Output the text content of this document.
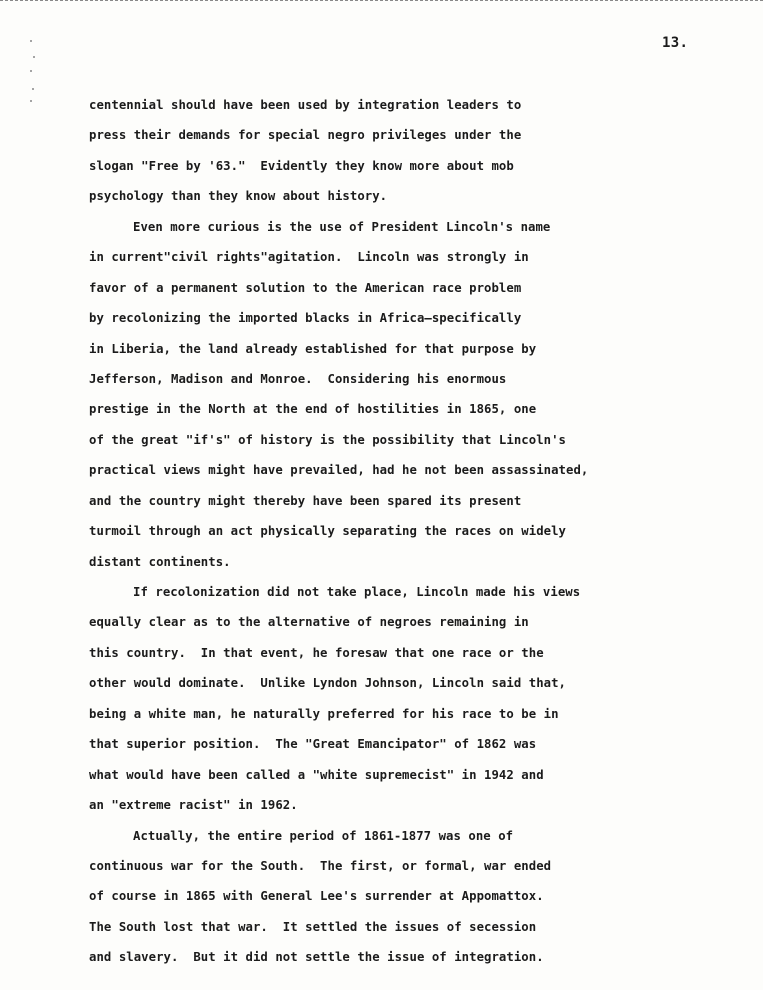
13.
centennial should have been used by integration leaders to
press their demands for special negro privileges under the
slogan "Free by '63."  Evidently they know more about mob
psychology than they know about history.
Even more curious is the use of President Lincoln's name
in current"civil rights"agitation.  Lincoln was strongly in
favor of a permanent solution to the American race problem
by recolonizing the imported blacks in Africa—specifically
in Liberia, the land already established for that purpose by
Jefferson, Madison and Monroe.  Considering his enormous
prestige in the North at the end of hostilities in 1865, one
of the great "if's" of history is the possibility that Lincoln's
practical views might have prevailed, had he not been assassinated,
and the country might thereby have been spared its present
turmoil through an act physically separating the races on widely
distant continents.
If recolonization did not take place, Lincoln made his views
equally clear as to the alternative of negroes remaining in
this country.  In that event, he foresaw that one race or the
other would dominate.  Unlike Lyndon Johnson, Lincoln said that,
being a white man, he naturally preferred for his race to be in
that superior position.  The "Great Emancipator" of 1862 was
what would have been called a "white supremecist" in 1942 and
an "extreme racist" in 1962.
Actually, the entire period of 1861-1877 was one of
continuous war for the South.  The first, or formal, war ended
of course in 1865 with General Lee's surrender at Appomattox.
The South lost that war.  It settled the issues of secession
and slavery.  But it did not settle the issue of integration.
